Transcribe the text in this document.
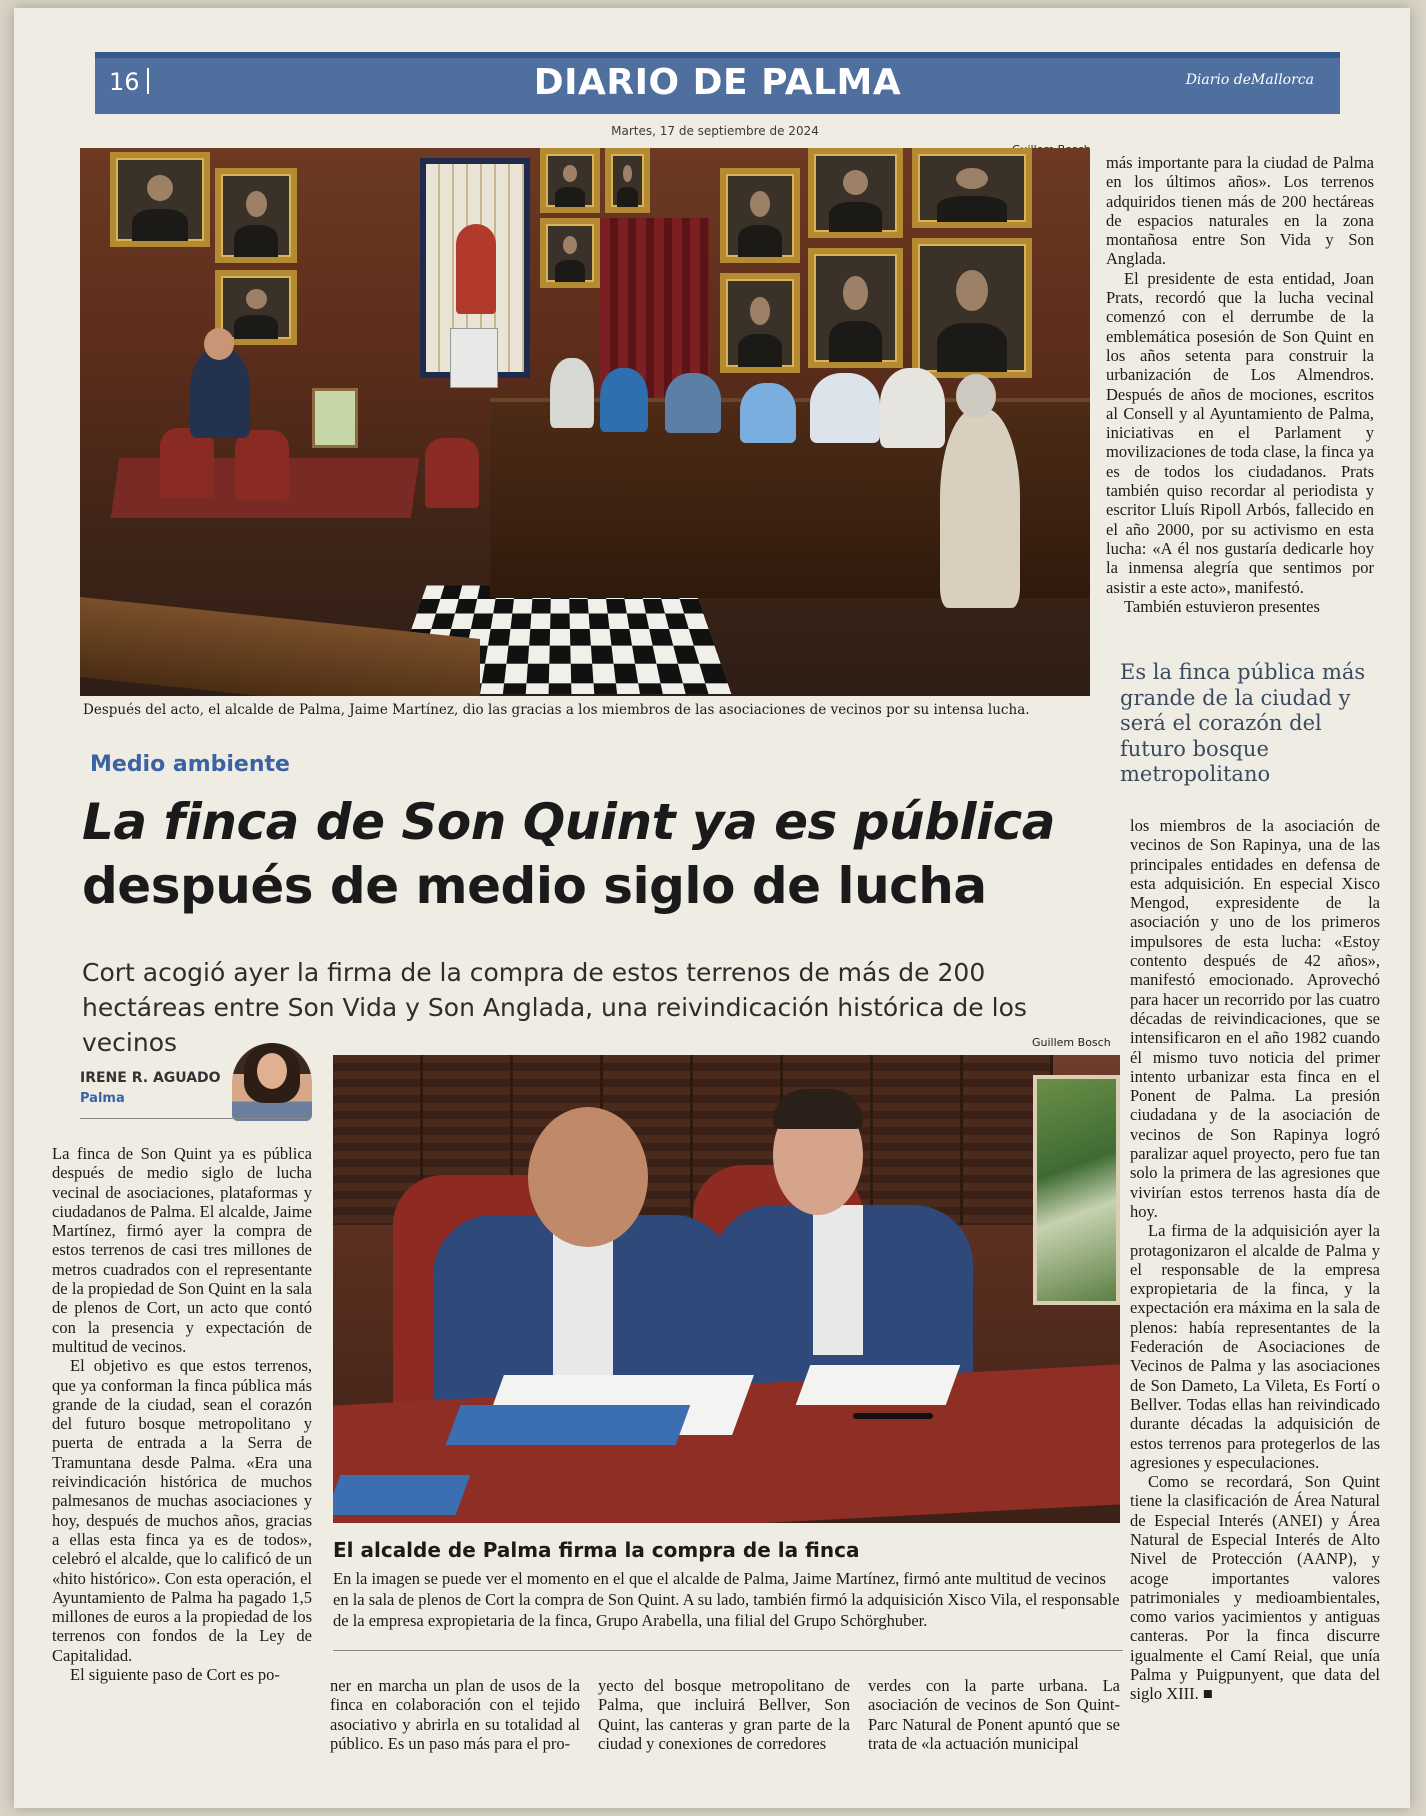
16	DIARIO DE PALMA	Diario deMallorca
Martes, 17 de septiembre de 2024
Después del acto, el alcalde de Palma, Jaime Martínez, dio las gracias a los miembros de las asociaciones de vecinos por su intensa lucha.

más importante para la ciudad de Palma en los últimos años». Los terrenos adquiridos tienen más de 200 hectáreas de espacios naturales en la zona montañosa entre Son Vida y Son Anglada.

El presidente de esta entidad, Joan Prats, recordó que la lucha vecinal comenzó con el derrumbe de la emblemática posesión de Son Quint en los años setenta para construir la urbanización de Los Almendros. Después de años de mociones, escritos al Consell y al Ayuntamiento de Palma, iniciativas en el Parlament y movilizaciones de toda clase, la finca ya es de todos los ciudadanos. Prats también quiso recordar al periodista y escritor Lluís Ripoll Arbós, fallecido en el año 2000, por su activismo en esta lucha: «A él nos gustaría dedicarle hoy la inmensa alegría que sentimos por asistir a este acto», manifestó.

También estuvieron presentes

Es la finca pública más grande de la ciudad y será el corazón del futuro bosque metropolitano
Medio ambiente
La finca de Son Quint ya es pública
después de medio siglo de lucha
Cort acogió ayer la firma de la compra de estos terrenos de más de 200 hectáreas entre Son Vida y Son Anglada, una reivindicación histórica de los vecinos
IRENE R. AGUADO
Palma

La finca de Son Quint ya es pública después de medio siglo de lucha vecinal de asociaciones, plataformas y ciudadanos de Palma. El alcalde, Jaime Martínez, firmó ayer la compra de estos terrenos de casi tres millones de metros cuadrados con el representante de la propiedad de Son Quint en la sala de plenos de Cort, un acto que contó con la presencia y expectación de multitud de vecinos.

El objetivo es que estos terrenos, que ya conforman la finca pública más grande de la ciudad, sean el corazón del futuro bosque metropolitano y puerta de entrada a la Serra de Tramuntana desde Palma. «Era una reivindicación histórica de muchos palmesanos de muchas asociaciones y hoy, después de muchos años, gracias a ellas esta finca ya es de todos», celebró el alcalde, que lo calificó de un «hito histórico». Con esta operación, el Ayuntamiento de Palma ha pagado 1,5 millones de euros a la propiedad de los terrenos con fondos de la Ley de Capitalidad.

El siguiente paso de Cort es po-

Guillem Bosch
El alcalde de Palma firma la compra de la finca
En la imagen se puede ver el momento en el que el alcalde de Palma, Jaime Martínez, firmó ante multitud de vecinos en la sala de plenos de Cort la compra de Son Quint. A su lado, también firmó la adquisición Xisco Vila, el responsable de la empresa expropietaria de la finca, Grupo Arabella, una filial del Grupo Schörghuber.

ner en marcha un plan de usos de la finca en colaboración con el tejido asociativo y abrirla en su totalidad al público. Es un paso más para el pro-

yecto del bosque metropolitano de Palma, que incluirá Bellver, Son Quint, las canteras y gran parte de la ciudad y conexiones de corredores

verdes con la parte urbana. La asociación de vecinos de Son Quint-Parc Natural de Ponent apuntó que se trata de «la actuación municipal

los miembros de la asociación de vecinos de Son Rapinya, una de las principales entidades en defensa de esta adquisición. En especial Xisco Mengod, expresidente de la asociación y uno de los primeros impulsores de esta lucha: «Estoy contento después de 42 años», manifestó emocionado. Aprovechó para hacer un recorrido por las cuatro décadas de reivindicaciones, que se intensificaron en el año 1982 cuando él mismo tuvo noticia del primer intento urbanizar esta finca en el Ponent de Palma. La presión ciudadana y de la asociación de vecinos de Son Rapinya logró paralizar aquel proyecto, pero fue tan solo la primera de las agresiones que vivirían estos terrenos hasta día de hoy.

La firma de la adquisición ayer la protagonizaron el alcalde de Palma y el responsable de la empresa expropietaria de la finca, y la expectación era máxima en la sala de plenos: había representantes de la Federación de Asociaciones de Vecinos de Palma y las asociaciones de Son Dameto, La Vileta, Es Fortí o Bellver. Todas ellas han reivindicado durante décadas la adquisición de estos terrenos para protegerlos de las agresiones y especulaciones.

Como se recordará, Son Quint tiene la clasificación de Área Natural de Especial Interés (ANEI) y Área Natural de Especial Interés de Alto Nivel de Protección (AANP), y acoge importantes valores patrimoniales y medioambientales, como varios yacimientos y antiguas canteras. Por la finca discurre igualmente el Camí Reial, que unía Palma y Puigpunyent, que data del siglo XIII. ■
